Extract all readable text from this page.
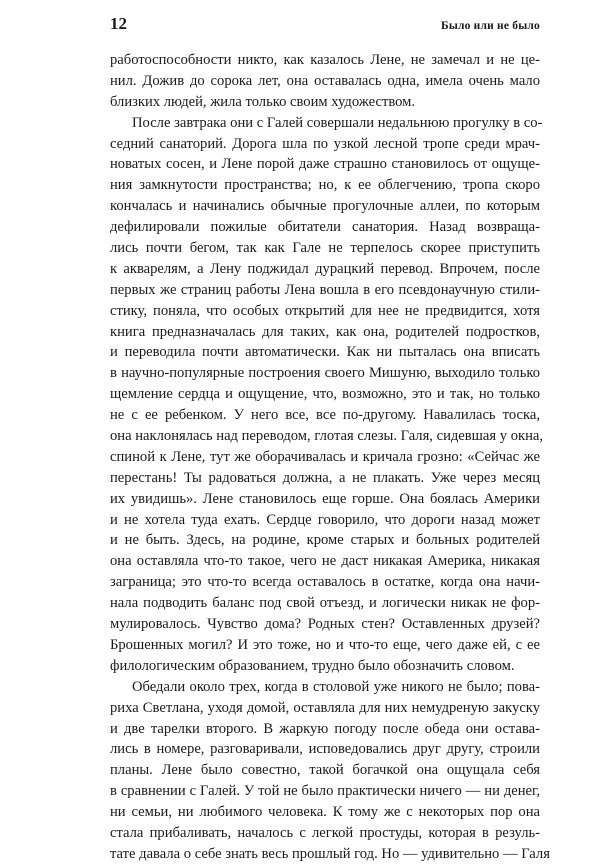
12	Было или не было
работоспособности никто, как казалось Лене, не замечал и не це-
нил. Дожив до сорока лет, она оставалась одна, имела очень мало
близких людей, жила только своим художеством.
После завтрака они с Галей совершали недальнюю прогулку в со-
седний санаторий. Дорога шла по узкой лесной тропе среди мрач-
новатых сосен, и Лене порой даже страшно становилось от ощуще-
ния замкнутости пространства; но, к ее облегчению, тропа скоро
кончалась и начинались обычные прогулочные аллеи, по которым
дефилировали пожилые обитатели санатория. Назад возвраща-
лись почти бегом, так как Гале не терпелось скорее приступить
к акварелям, а Лену поджидал дурацкий перевод. Впрочем, после
первых же страниц работы Лена вошла в его псевдонаучную стили-
стику, поняла, что особых открытий для нее не предвидится, хотя
книга предназначалась для таких, как она, родителей подростков,
и переводила почти автоматически. Как ни пыталась она вписать
в научно-популярные построения своего Мишуню, выходило только
щемление сердца и ощущение, что, возможно, это и так, но только
не с ее ребенком. У него все, все по-другому. Навалилась тоска,
она наклонялась над переводом, глотая слезы. Галя, сидевшая у окна,
спиной к Лене, тут же оборачивалась и кричала грозно: «Сейчас же
перестань! Ты радоваться должна, а не плакать. Уже через месяц
их увидишь». Лене становилось еще горше. Она боялась Америки
и не хотела туда ехать. Сердце говорило, что дороги назад может
и не быть. Здесь, на родине, кроме старых и больных родителей
она оставляла что-то такое, чего не даст никакая Америка, никакая
заграница; это что-то всегда оставалось в остатке, когда она начи-
нала подводить баланс под свой отъезд, и логически никак не фор-
мулировалось. Чувство дома? Родных стен? Оставленных друзей?
Брошенных могил? И это тоже, но и что-то еще, чего даже ей, с ее
филологическим образованием, трудно было обозначить словом.
Обедали около трех, когда в столовой уже никого не было; пова-
риха Светлана, уходя домой, оставляла для них немудреную закуску
и две тарелки второго. В жаркую погоду после обеда они остава-
лись в номере, разговаривали, исповедовались друг другу, строили
планы. Лене было совестно, такой богачкой она ощущала себя
в сравнении с Галей. У той не было практически ничего — ни денег,
ни семьи, ни любимого человека. К тому же с некоторых пор она
стала прибаливать, началось с легкой простуды, которая в резуль-
тате давала о себе знать весь прошлый год. Но — удивительно — Галя
